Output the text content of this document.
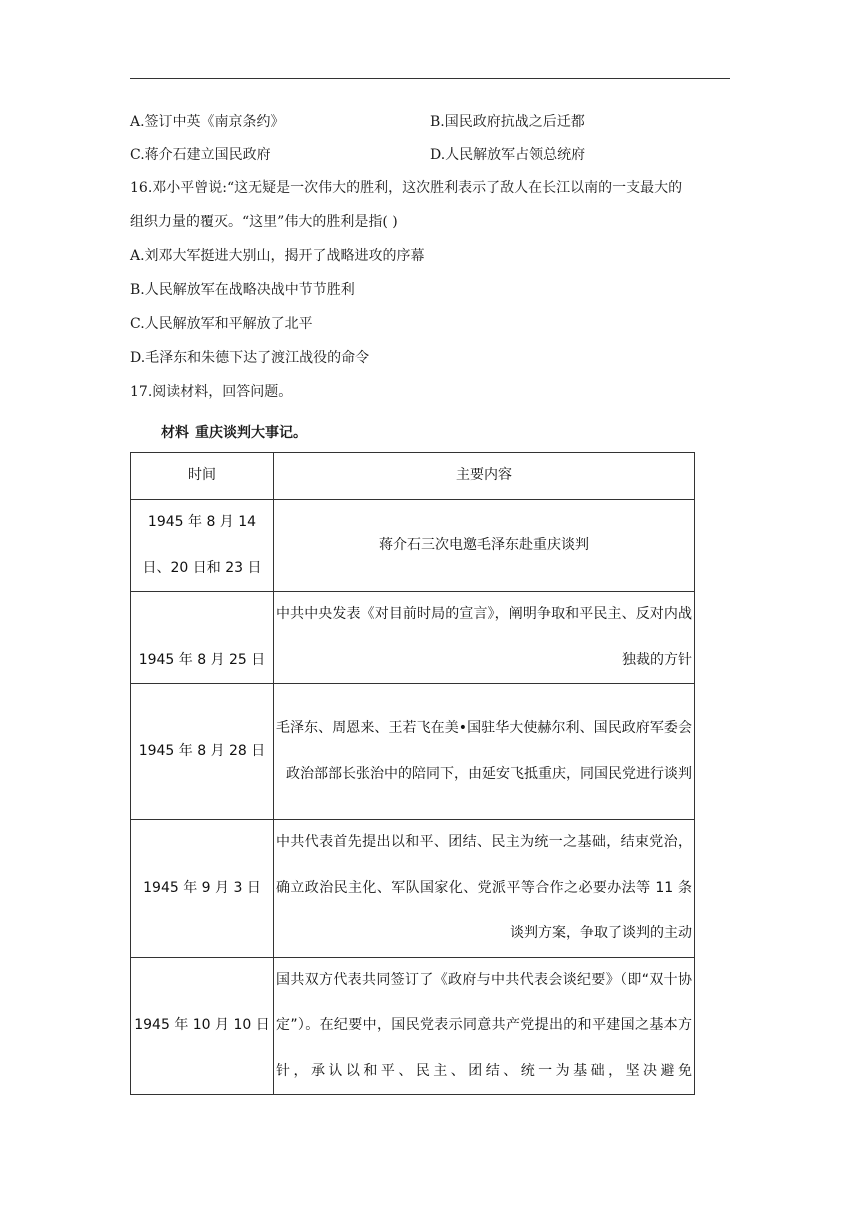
A.签订中英《南京条约》	B.国民政府抗战之后迁都
C.蒋介石建立国民政府	D.人民解放军占领总统府
16.邓小平曾说:“这无疑是一次伟大的胜利，这次胜利表示了敌人在长江以南的一支最大的
组织力量的覆灭。“这里”伟大的胜利是指( )
A.刘邓大军挺进大别山，揭开了战略进攻的序幕
B.人民解放军在战略决战中节节胜利
C.人民解放军和平解放了北平
D.毛泽东和朱德下达了渡江战役的命令
17.阅读材料，回答问题。
材料 重庆谈判大事记。
时间	主要内容
1945 年 8 月 14 日、20 日和 23 日	蒋介石三次电邀毛泽东赴重庆谈判
1945 年 8 月 25 日	中共中央发表《对目前时局的宣言》，阐明争取和平民主、反对内战独裁的方针
1945 年 8 月 28 日	毛泽东、周恩来、王若飞在美•国驻华大使赫尔利、国民政府军委会政治部部长张治中的陪同下，由延安飞抵重庆，同国民党进行谈判
1945 年 9 月 3 日	中共代表首先提出以和平、团结、民主为统一之基础，结束党治，确立政治民主化、军队国家化、党派平等合作之必要办法等 11 条谈判方案，争取了谈判的主动
1945 年 10 月 10 日	国共双方代表共同签订了《政府与中共代表会谈纪要》（即“双十协定”）。在纪要中，国民党表示同意共产党提出的和平建国之基本方针，承认以和平、民主、团结、统一为基础，坚决避免
